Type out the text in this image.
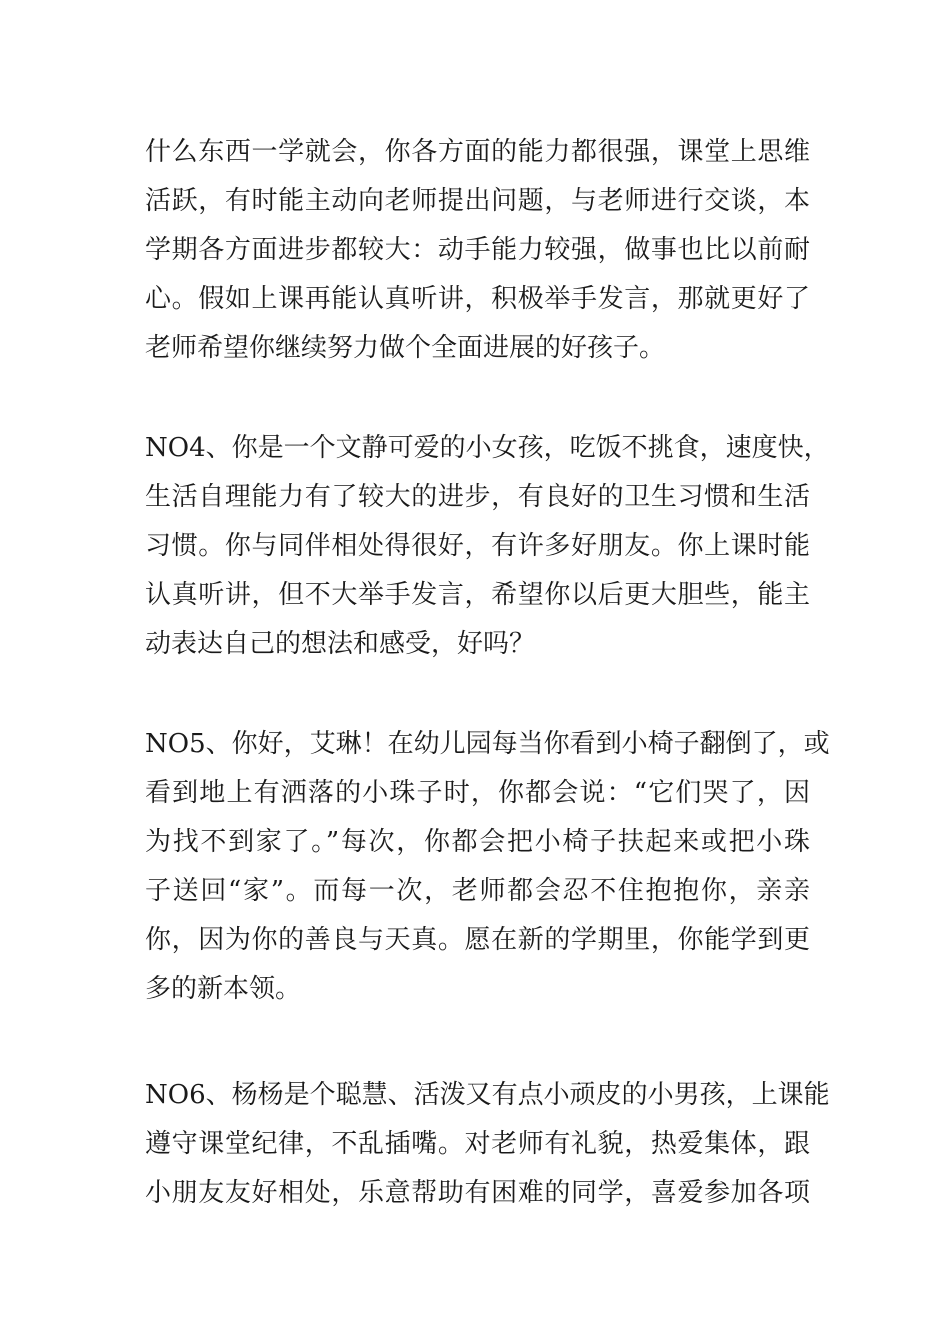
什么东西一学就会，你各方面的能力都很强，课堂上思维
活跃，有时能主动向老师提出问题，与老师进行交谈，本
学期各方面进步都较大：动手能力较强，做事也比以前耐
心。假如上课再能认真听讲，积极举手发言，那就更好了
老师希望你继续努力做个全面进展的好孩子。
NO4、你是一个文静可爱的小女孩，吃饭不挑食，速度快，
生活自理能力有了较大的进步，有良好的卫生习惯和生活
习惯。你与同伴相处得很好，有许多好朋友。你上课时能
认真听讲，但不大举手发言，希望你以后更大胆些，能主
动表达自己的想法和感受，好吗？
NO5、你好，艾琳！在幼儿园每当你看到小椅子翻倒了，或
看到地上有洒落的小珠子时，你都会说：“它们哭了，因
为找不到家了。”每次，你都会把小椅子扶起来或把小珠
子送回“家”。而每一次，老师都会忍不住抱抱你，亲亲
你，因为你的善良与天真。愿在新的学期里，你能学到更
多的新本领。
NO6、杨杨是个聪慧、活泼又有点小顽皮的小男孩，上课能
遵守课堂纪律，不乱插嘴。对老师有礼貌，热爱集体，跟
小朋友友好相处，乐意帮助有困难的同学，喜爱参加各项
